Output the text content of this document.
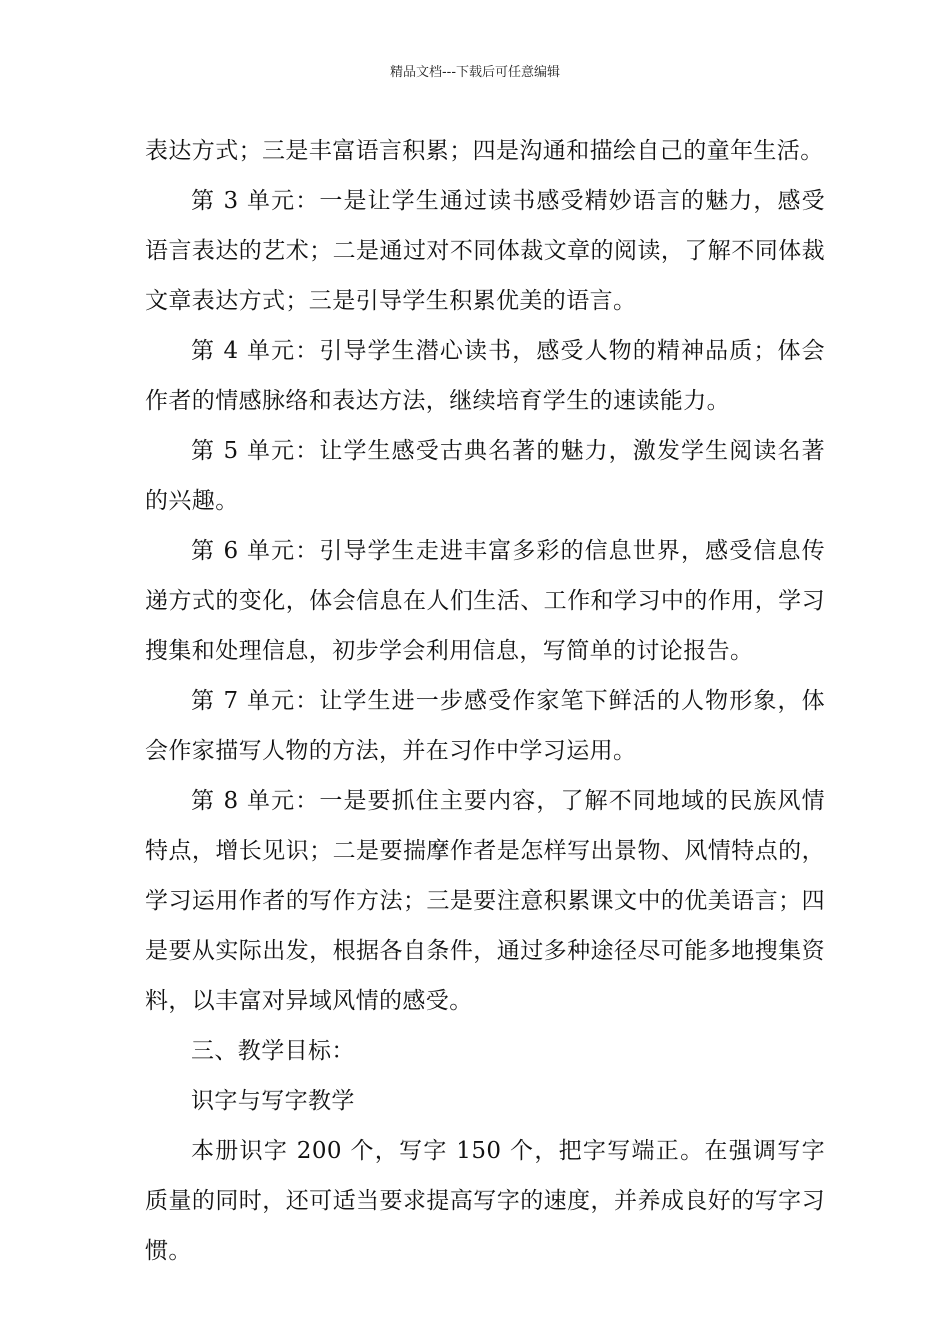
精品文档---下载后可任意编辑

表达方式；三是丰富语言积累；四是沟通和描绘自己的童年生活。

第 3 单元：一是让学生通过读书感受精妙语言的魅力，感受语言表达的艺术；二是通过对不同体裁文章的阅读，了解不同体裁文章表达方式；三是引导学生积累优美的语言。

第 4 单元：引导学生潜心读书，感受人物的精神品质；体会作者的情感脉络和表达方法，继续培育学生的速读能力。

第 5 单元：让学生感受古典名著的魅力，激发学生阅读名著的兴趣。

第 6 单元：引导学生走进丰富多彩的信息世界，感受信息传递方式的变化，体会信息在人们生活、工作和学习中的作用，学习搜集和处理信息，初步学会利用信息，写简单的讨论报告。

第 7 单元：让学生进一步感受作家笔下鲜活的人物形象，体会作家描写人物的方法，并在习作中学习运用。

第 8 单元：一是要抓住主要内容，了解不同地域的民族风情特点，增长见识；二是要揣摩作者是怎样写出景物、风情特点的，学习运用作者的写作方法；三是要注意积累课文中的优美语言；四是要从实际出发，根据各自条件，通过多种途径尽可能多地搜集资料，以丰富对异域风情的感受。

三、教学目标：

识字与写字教学

本册识字 200 个，写字 150 个，把字写端正。在强调写字质量的同时，还可适当要求提高写字的速度，并养成良好的写字习惯。
